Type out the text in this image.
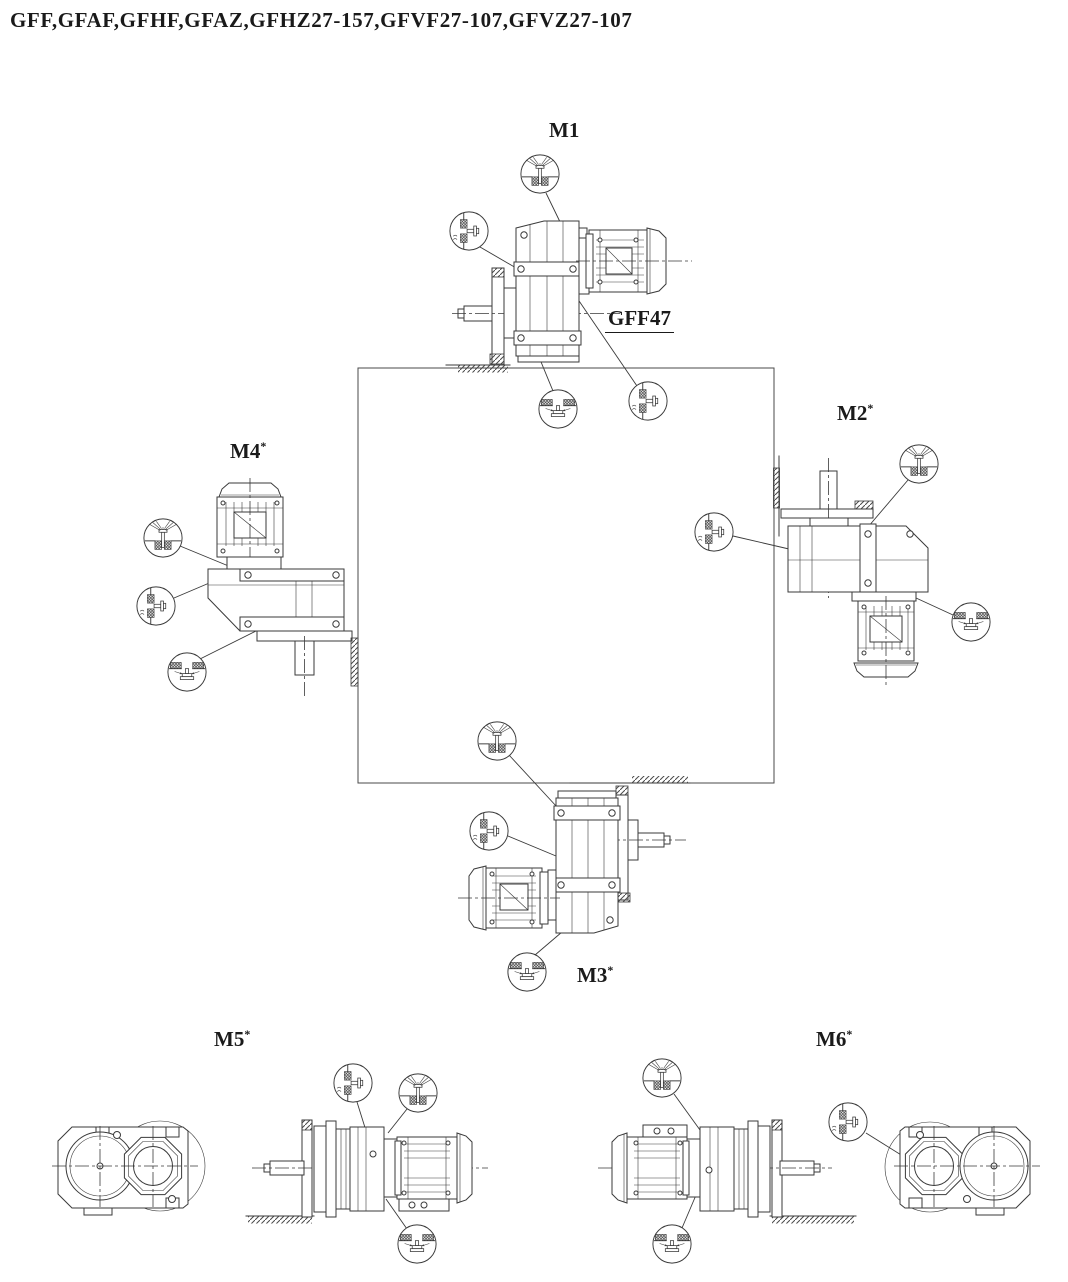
GFF,GFAF,GFHF,GFAZ,GFHZ27-157,GFVF27-107,GFVZ27-107
M1
GFF47
M2*
M4*
M3*
M5*	M6*
